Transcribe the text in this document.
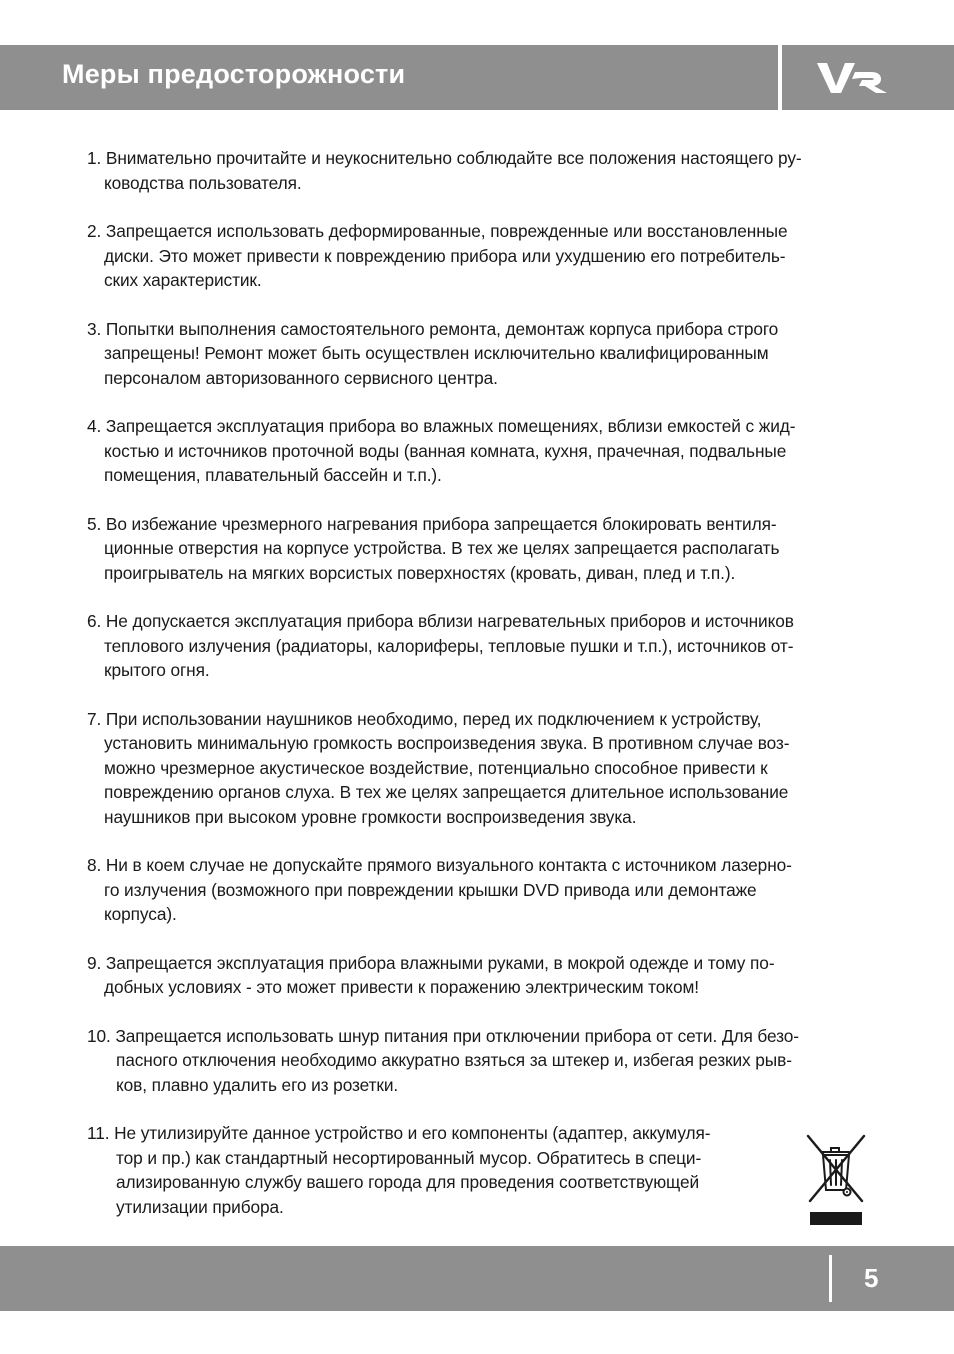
Меры предосторожности
1. Внимательно прочитайте и неукоснительно соблюдайте все положения настоящего ру-
ководства пользователя.
2. Запрещается использовать деформированные, поврежденные или восстановленные
диски. Это может привести к повреждению прибора или ухудшению его потребитель-
ских характеристик.
3. Попытки выполнения самостоятельного ремонта, демонтаж корпуса прибора строго
запрещены! Ремонт может быть осуществлен исключительно квалифицированным
персоналом авторизованного сервисного центра.
4. Запрещается эксплуатация прибора во влажных помещениях, вблизи емкостей с жид-
костью и источников проточной воды (ванная комната, кухня, прачечная, подвальные
помещения, плавательный бассейн и т.п.).
5. Во избежание чрезмерного нагревания прибора запрещается блокировать вентиля-
ционные отверстия на корпусе устройства. В тех же целях запрещается располагать
проигрыватель на мягких ворсистых поверхностях (кровать, диван, плед и т.п.).
6. Не допускается эксплуатация прибора вблизи нагревательных приборов и источников
теплового излучения (радиаторы, калориферы, тепловые пушки и т.п.), источников от-
крытого огня.
7. При использовании наушников необходимо, перед их подключением к устройству,
установить минимальную громкость воспроизведения звука. В противном случае воз-
можно чрезмерное акустическое воздействие, потенциально способное привести к
повреждению органов слуха. В тех же целях запрещается длительное использование
наушников при высоком уровне громкости воспроизведения звука.
8. Ни в коем случае не допускайте прямого визуального контакта с источником лазерно-
го излучения (возможного при повреждении крышки DVD привода или демонтаже
корпуса).
9. Запрещается эксплуатация прибора влажными руками, в мокрой одежде и тому по-
добных условиях - это может привести к поражению электрическим током!
10. Запрещается использовать шнур питания при отключении прибора от сети. Для безо-
пасного отключения необходимо аккуратно взяться за штекер и, избегая резких рыв-
ков, плавно удалить его из розетки.
11. Не утилизируйте данное устройство и его компоненты (адаптер, аккумуля-
тор и пр.) как стандартный несортированный мусор. Обратитесь в специ-
ализированную службу вашего города для проведения соответствующей
утилизации прибора.
5
